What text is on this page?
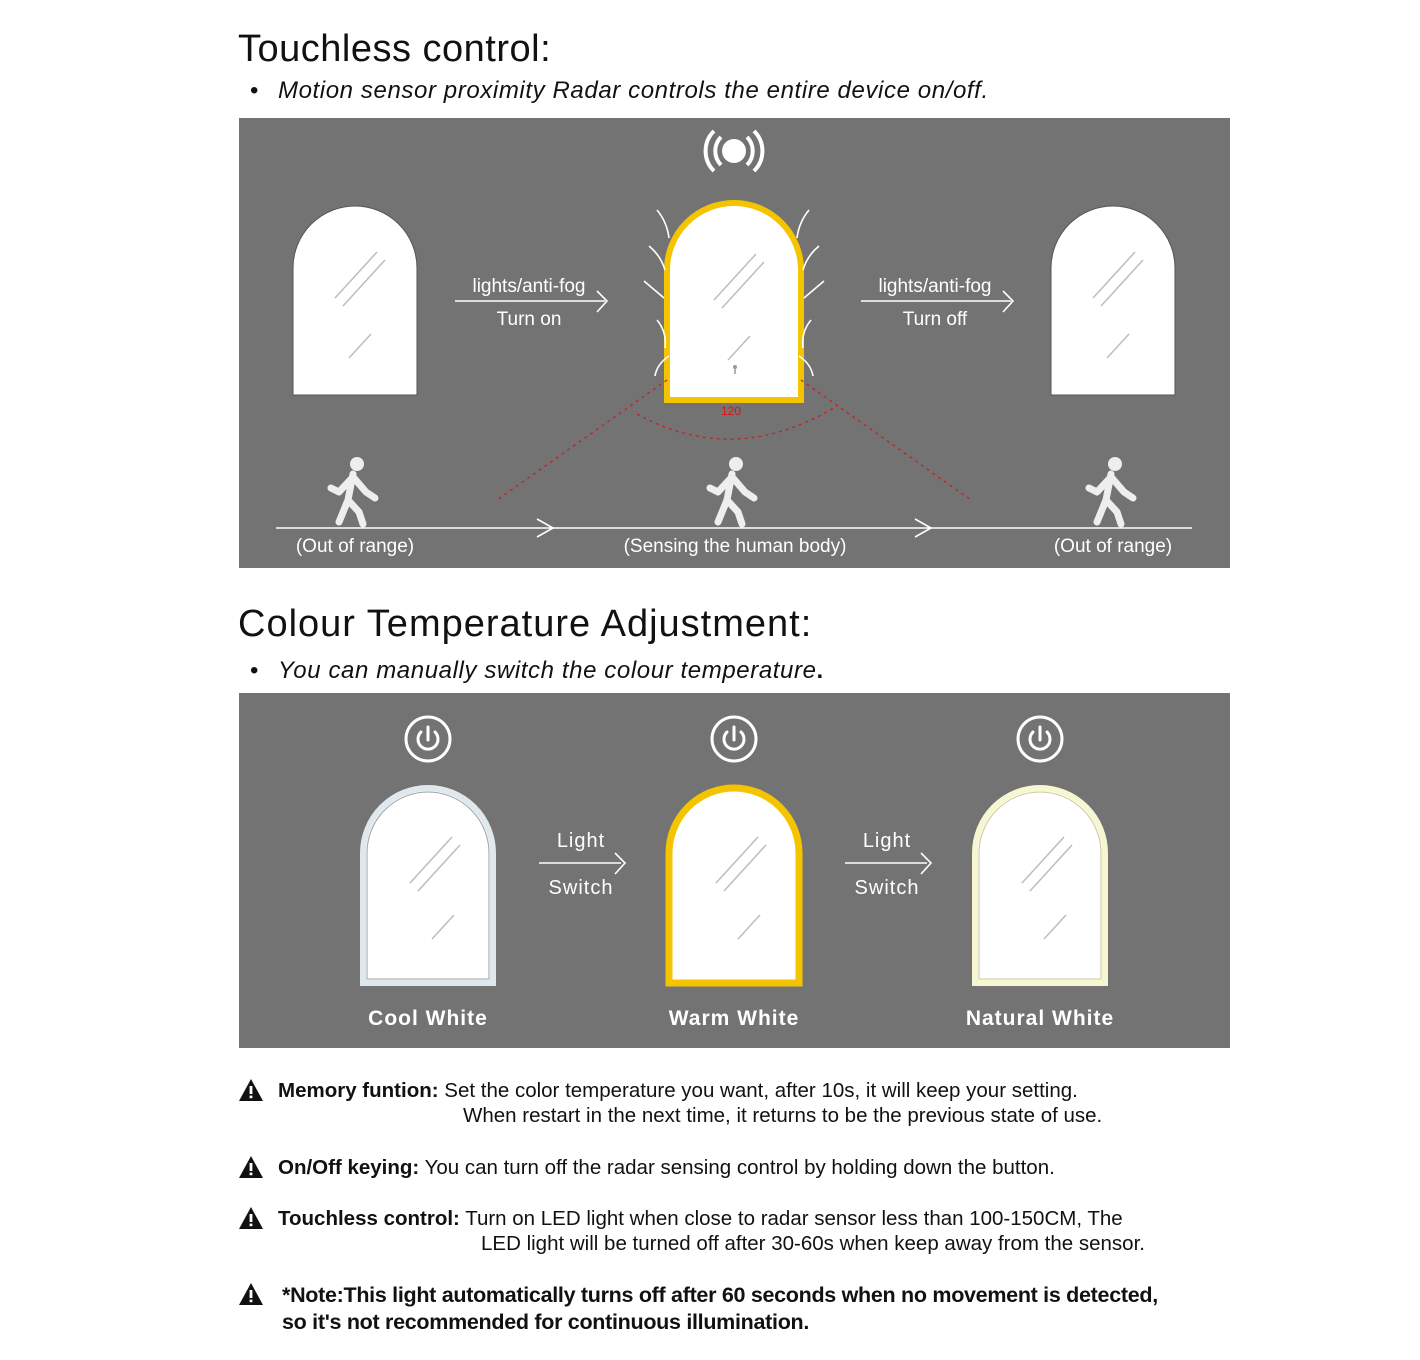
Touchless control:
• Motion sensor proximity Radar controls the entire device on/off.
120
lights/anti-fog
Turn on
lights/anti-fog
Turn off
(Out of range)	(Sensing the human body)	(Out of range)
Colour Temperature Adjustment:
• You can manually switch the colour temperature.
Cool White
Light
Switch
Warm White
Light
Switch
Natural White
Memory funtion: Set the color temperature you want, after 10s, it will keep your setting.
When restart in the next time, it returns to be the previous state of use.
On/Off keying: You can turn off the radar sensing control by holding down the button.
Touchless control: Turn on LED light when close to radar sensor less than 100-150CM, The
LED light will be turned off after 30-60s when keep away from the sensor.
*Note:This light automatically turns off after 60 seconds when no movement is detected,
so it's not recommended for continuous illumination.
